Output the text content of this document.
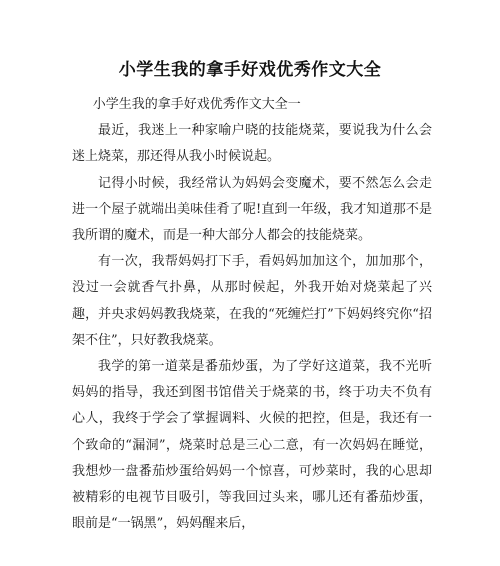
小学生我的拿手好戏优秀作文大全

小学生我的拿手好戏优秀作文大全一

最近，我迷上一种家喻户晓的技能烧菜，要说我为什么会迷上烧菜，那还得从我小时候说起。

记得小时候，我经常认为妈妈会变魔术，要不然怎么会走进一个屋子就端出美味佳肴了呢!直到一年级，我才知道那不是我所谓的魔术，而是一种大部分人都会的技能烧菜。

有一次，我帮妈妈打下手，看妈妈加加这个，加加那个，没过一会就香气扑鼻，从那时候起，外我开始对烧菜起了兴趣，并央求妈妈教我烧菜，在我的“死缠烂打”下妈妈终究你“招架不住”，只好教我烧菜。

我学的第一道菜是番茄炒蛋，为了学好这道菜，我不光听妈妈的指导，我还到图书馆借关于烧菜的书，终于功夫不负有心人，我终于学会了掌握调料、火候的把控，但是，我还有一个致命的“漏洞”，烧菜时总是三心二意，有一次妈妈在睡觉，我想炒一盘番茄炒蛋给妈妈一个惊喜，可炒菜时，我的心思却被精彩的电视节目吸引，等我回过头来，哪儿还有番茄炒蛋，眼前是“一锅黑”，妈妈醒来后，
